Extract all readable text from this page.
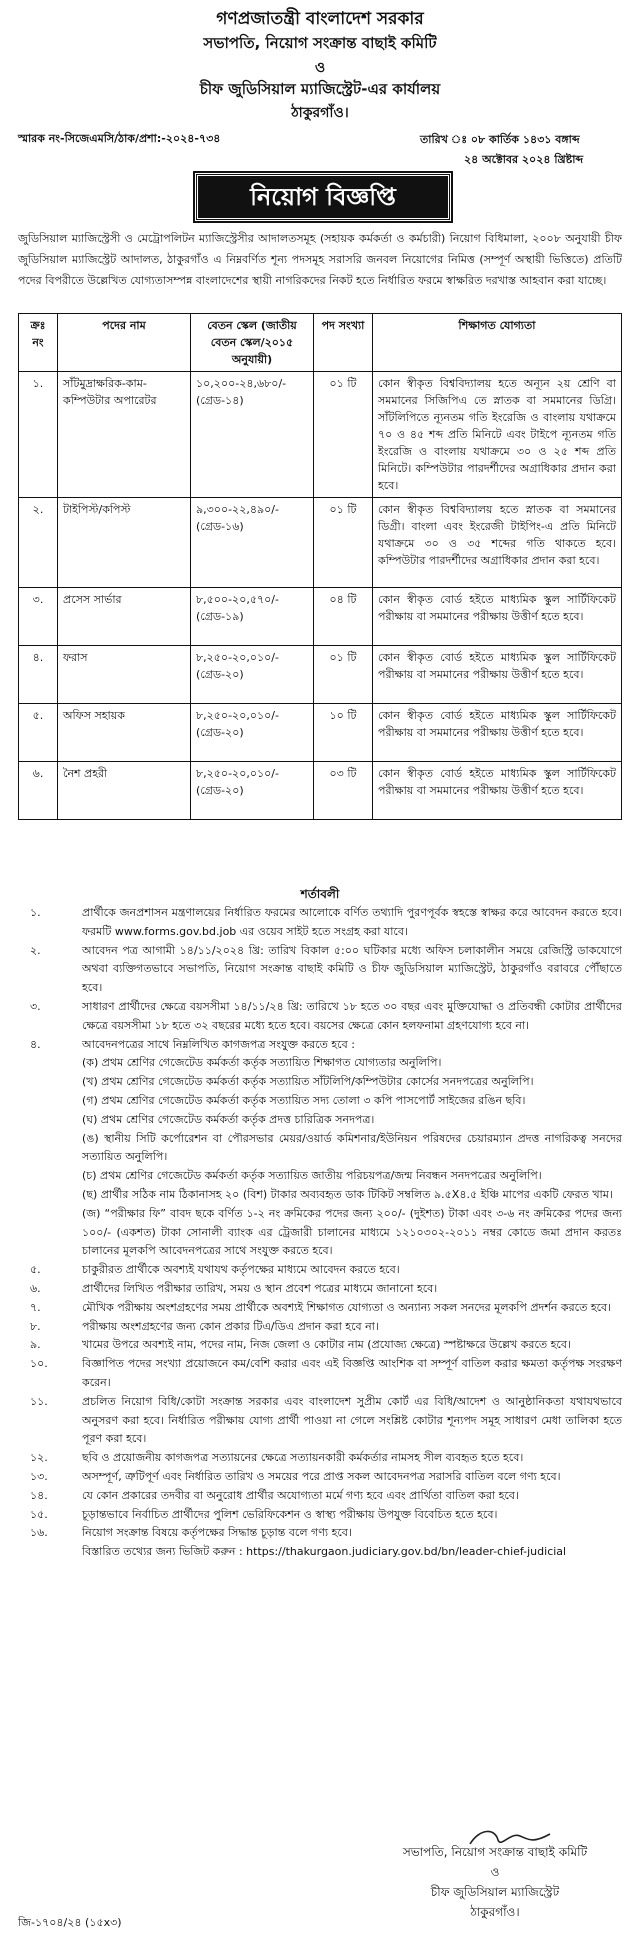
গণপ্রজাতন্ত্রী বাংলাদেশ সরকার
সভাপতি, নিয়োগ সংক্রান্ত বাছাই কমিটি
ও
চীফ জুডিসিয়াল ম্যাজিস্ট্রেট-এর কার্যালয়
ঠাকুরগাঁও।
স্মারক নং-সিজেএমসি/ঠাক/প্রশা:-২০২৪-৭৩৪	তারিখ ঃ ০৮ কার্তিক ১৪৩১ বঙ্গাব্দ
২৪ অক্টোবর ২০২৪ খ্রিষ্টাব্দ
নিয়োগ বিজ্ঞপ্তি
জুডিসিয়াল ম্যাজিস্ট্রেসী ও মেট্রোপলিটন ম্যাজিস্ট্রেসীর আদালতসমূহ (সহায়ক কর্মকর্তা ও কর্মচারী) নিয়োগ বিধিমালা, ২০০৮ অনুযায়ী চীফ জুডিসিয়াল ম্যাজিস্ট্রেট আদালত, ঠাকুরগাঁও এ নিম্নবর্ণিত শূন্য পদসমূহ সরাসরি জনবল নিয়োগের নিমিত্ত (সম্পূর্ণ অস্থায়ী ভিত্তিতে) প্রতিটি পদের বিপরীতে উল্লেখিত যোগ্যতাসম্পন্ন বাংলাদেশের স্থায়ী নাগরিকদের নিকট হতে নির্ধারিত ফরমে স্বাক্ষরিত দরখাস্ত আহবান করা যাচ্ছে।
ক্রঃ নং	পদের নাম	বেতন স্কেল (জাতীয় বেতন স্কেল/২০১৫ অনুযায়ী)	পদ সংখ্যা	শিক্ষাগত যোগ্যতা
১.	সাঁটমুদ্রাক্ষরিক-কাম-কম্পিউটার অপারেটর	১০,২০০-২৪,৬৮০/- (গ্রেড-১৪)	০১ টি	কোন স্বীকৃত বিশ্ববিদ্যালয় হতে অন্যূন ২য় শ্রেণি বা সমমানের সিজিপিএ তে স্নাতক বা সমমানের ডিগ্রি। সাঁটলিপিতে ন্যূনতম গতি ইংরেজি ও বাংলায় যথাক্রমে ৭০ ও ৪৫ শব্দ প্রতি মিনিটে এবং টাইপে ন্যূনতম গতি ইংরেজি ও বাংলায় যথাক্রমে ৩০ ও ২৫ শব্দ প্রতি মিনিটে। কম্পিউটার পারদর্শীদের অগ্রাধিকার প্রদান করা হবে।
২.	টাইপিস্ট/কপিস্ট	৯,৩০০-২২,৪৯০/- (গ্রেড-১৬)	০১ টি	কোন স্বীকৃত বিশ্ববিদ্যালয় হতে স্নাতক বা সমমানের ডিগ্রী। বাংলা এবং ইংরেজী টাইপিং-এ প্রতি মিনিটে যথাক্রমে ৩০ ও ৩৫ শব্দের গতি থাকতে হবে। কম্পিউটার পারদর্শীদের অগ্রাধিকার প্রদান করা হবে।
৩.	প্রসেস সার্ভার	৮,৫০০-২০,৫৭০/- (গ্রেড-১৯)	০৪ টি	কোন স্বীকৃত বোর্ড হইতে মাধ্যমিক স্কুল সার্টিফিকেট পরীক্ষায় বা সমমানের পরীক্ষায় উত্তীর্ণ হতে হবে।
৪.	ফরাস	৮,২৫০-২০,০১০/- (গ্রেড-২০)	০১ টি	কোন স্বীকৃত বোর্ড হইতে মাধ্যমিক স্কুল সার্টিফিকেট পরীক্ষায় বা সমমানের পরীক্ষায় উত্তীর্ণ হতে হবে।
৫.	অফিস সহায়ক	৮,২৫০-২০,০১০/- (গ্রেড-২০)	১০ টি	কোন স্বীকৃত বোর্ড হইতে মাধ্যমিক স্কুল সার্টিফিকেট পরীক্ষায় বা সমমানের পরীক্ষায় উত্তীর্ণ হতে হবে।
৬.	নৈশ প্রহরী	৮,২৫০-২০,০১০/- (গ্রেড-২০)	০৩ টি	কোন স্বীকৃত বোর্ড হইতে মাধ্যমিক স্কুল সার্টিফিকেট পরীক্ষায় বা সমমানের পরীক্ষায় উত্তীর্ণ হতে হবে।
শর্তাবলী
১.	প্রার্থীকে জনপ্রশাসন মন্ত্রণালয়ের নির্ধারিত ফরমের আলোকে বর্ণিত তথ্যাদি পুরণপূর্বক স্বহস্তে স্বাক্ষর করে আবেদন করতে হবে। ফরমটি www.forms.gov.bd.job এর ওয়েব সাইট হতে সংগ্রহ করা যাবে।
২.	আবেদন পত্র আগামী ১৪/১১/২০২৪ খ্রি: তারিখ বিকাল ৫:০০ ঘটিকার মধ্যে অফিস চলাকালীন সময়ে রেজিস্ট্রি ডাকযোগে অথবা ব্যক্তিগতভাবে সভাপতি, নিয়োগ সংক্রান্ত বাছাই কমিটি ও চীফ জুডিসিয়াল ম্যাজিস্ট্রেট, ঠাকুরগাঁও বরাবরে পৌঁছাতে হবে।
৩.	সাধারণ প্রার্থীদের ক্ষেত্রে বয়সসীমা ১৪/১১/২৪ খ্রি: তারিখে ১৮ হতে ৩০ বছর এবং মুক্তিযোদ্ধা ও প্রতিবন্ধী কোটার প্রার্থীদের ক্ষেত্রে বয়সসীমা ১৮ হতে ৩২ বছরের মধ্যে হতে হবে। বয়সের ক্ষেত্রে কোন হলফনামা গ্রহণযোগ্য হবে না।
৪.	আবেদনপত্রের সাথে নিম্নলিখিত কাগজপত্র সংযুক্ত করতে হবে :
(ক) প্রথম শ্রেণির গেজেটেড কর্মকর্তা কর্তৃক সত্যায়িত শিক্ষাগত যোগ্যতার অনুলিপি।
(খ) প্রথম শ্রেণির গেজেটেড কর্মকর্তা কর্তৃক সত্যায়িত সাঁটলিপি/কম্পিউটার কোর্সের সনদপত্রের অনুলিপি।
(গ) প্রথম শ্রেণির গেজেটেড কর্মকর্তা কর্তৃক সত্যায়িত সদ্য তোলা ৩ কপি পাসপোর্ট সাইজের রঙিন ছবি।
(ঘ) প্রথম শ্রেণির গেজেটেড কর্মকর্তা কর্তৃক প্রদত্ত চারিত্রিক সনদপত্র।
(ঙ) স্থানীয় সিটি কর্পোরেশন বা পৌরসভার মেয়র/ওয়ার্ড কমিশনার/ইউনিয়ন পরিষদের চেয়ারম্যান প্রদত্ত নাগরিকত্ব সনদের সত্যায়িত অনুলিপি।
(চ) প্রথম শ্রেণির গেজেটেড কর্মকর্তা কর্তৃক সত্যায়িত জাতীয় পরিচয়পত্র/জন্ম নিবন্ধন সনদপত্রের অনুলিপি।
(ছ) প্রার্থীর সঠিক নাম ঠিকানাসহ ২০ (বিশ) টাকার অব্যবহৃত ডাক টিকিট সম্বলিত ৯.৫X৪.৫ ইঞ্চি মাপের একটি ফেরত খাম।
(জ) “পরীক্ষার ফি” বাবদ ছকে বর্ণিত ১-২ নং ক্রমিকের পদের জন্য ২০০/- (দুইশত) টাকা এবং ৩-৬ নং ক্রমিকের পদের জন্য ১০০/- (একশত) টাকা সোনালী ব্যাংক এর ট্রেজারী চালানের মাধ্যমে ১২১০৩০২-২০১১ নম্বর কোডে জমা প্রদান করতঃ চালানের মূলকপি আবেদনপত্রের সাথে সংযুক্ত করতে হবে।
৫.	চাকুরীরত প্রার্থীকে অবশ্যই যথাযথ কর্তৃপক্ষের মাধ্যমে আবেদন করতে হবে।
৬.	প্রার্থীদের লিখিত পরীক্ষার তারিখ, সময় ও স্থান প্রবেশ পত্রের মাধ্যমে জানানো হবে।
৭.	মৌখিক পরীক্ষায় অংশগ্রহণের সময় প্রার্থীকে অবশ্যই শিক্ষাগত যোগ্যতা ও অন্যান্য সকল সনদের মূলকপি প্রদর্শন করতে হবে।
৮.	পরীক্ষায় অংশগ্রহণের জন্য কোন প্রকার টিএ/ডিএ প্রদান করা হবে না।
৯.	খামের উপরে অবশ্যই নাম, পদের নাম, নিজ জেলা ও কোটার নাম (প্রযোজ্য ক্ষেত্রে) স্পষ্টাক্ষরে উল্লেখ করতে হবে।
১০.	বিজ্ঞাপিত পদের সংখ্যা প্রয়োজনে কম/বেশি করার এবং এই বিজ্ঞপ্তি আংশিক বা সম্পূর্ণ বাতিল করার ক্ষমতা কর্তৃপক্ষ সংরক্ষণ করেন।
১১.	প্রচলিত নিয়োগ বিধি/কোটা সংক্রান্ত সরকার এবং বাংলাদেশ সুপ্রীম কোর্ট এর বিধি/আদেশ ও আনুষ্ঠানিকতা যথাযথভাবে অনুসরণ করা হবে। নির্ধারিত পরীক্ষায় যোগ্য প্রার্থী পাওয়া না গেলে সংশ্লিষ্ট কোটার শূন্যপদ সমূহ সাধারণ মেধা তালিকা হতে পূরণ করা হবে।
১২.	ছবি ও প্রয়োজনীয় কাগজপত্র সত্যায়নের ক্ষেত্রে সত্যায়নকারী কর্মকর্তার নামসহ সীল ব্যবহৃত হতে হবে।
১৩.	অসম্পূর্ণ, ত্রুটিপূর্ণ এবং নির্ধারিত তারিখ ও সময়ের পরে প্রাপ্ত সকল আবেদনপত্র সরাসরি বাতিল বলে গণ্য হবে।
১৪.	যে কোন প্রকারের তদবীর বা অনুরোধ প্রার্থীর অযোগ্যতা মর্মে গণ্য হবে এবং প্রার্থিতা বাতিল করা হবে।
১৫.	চূড়ান্তভাবে নির্বাচিত প্রার্থীদের পুলিশ ভেরিফিকেশন ও স্বাস্থ্য পরীক্ষায় উপযুক্ত বিবেচিত হতে হবে।
১৬.	নিয়োগ সংক্রান্ত বিষয়ে কর্তৃপক্ষের সিদ্ধান্ত চূড়ান্ত বলে গণ্য হবে।
বিস্তারিত তথ্যের জন্য ভিজিট করুন : https://thakurgaon.judiciary.gov.bd/bn/leader-chief-judicial
সভাপতি, নিয়োগ সংক্রান্ত বাছাই কমিটি
ও
চীফ জুডিসিয়াল ম্যাজিস্ট্রেট
ঠাকুরগাঁও।
জি-১৭০৪/২৪ (১৫x৩)
